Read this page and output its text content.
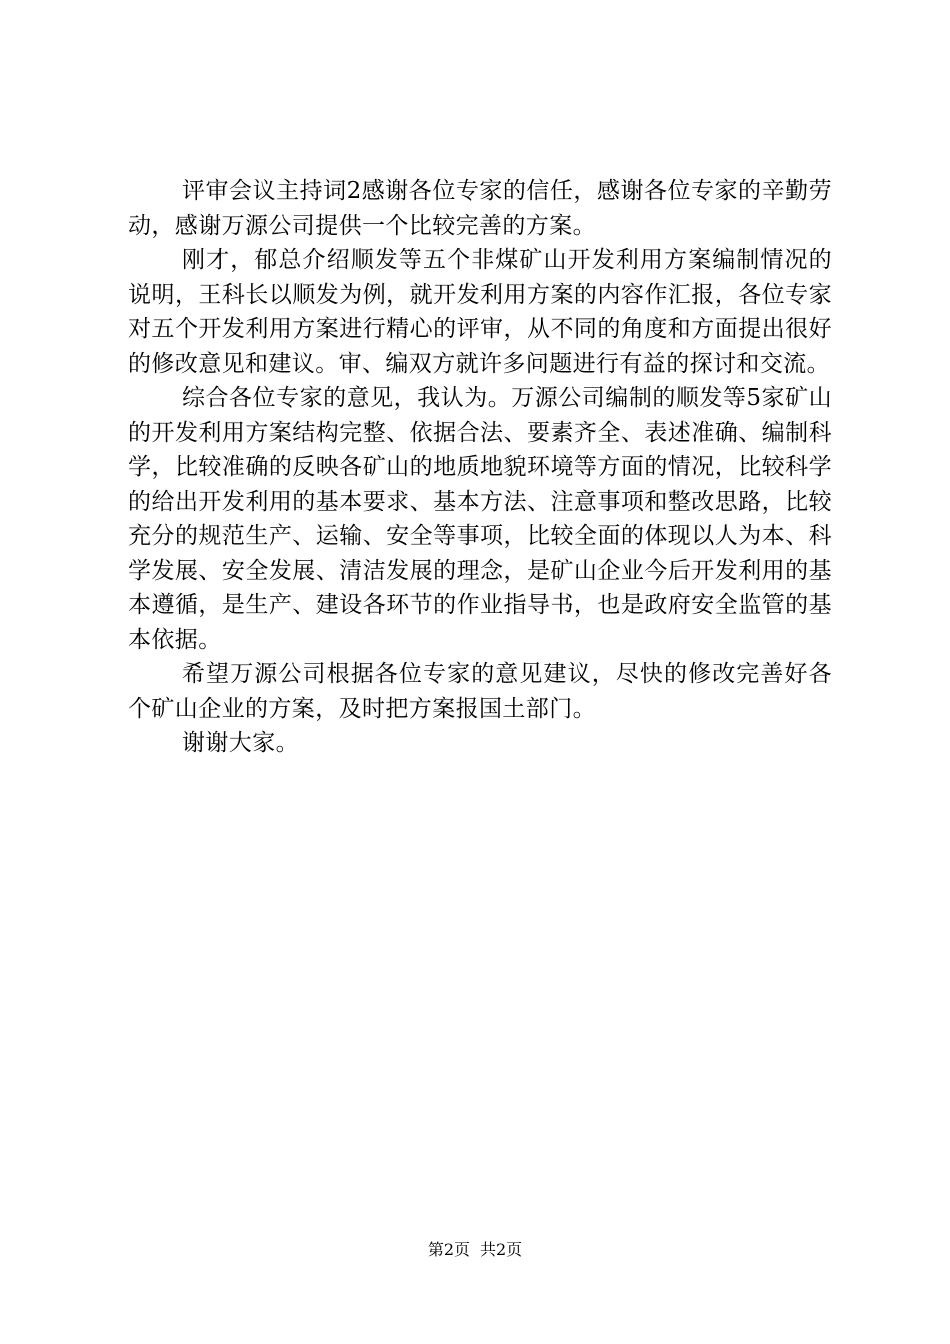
评审会议主持词2感谢各位专家的信任，感谢各位专家的辛勤劳动，感谢万源公司提供一个比较完善的方案。

刚才，郁总介绍顺发等五个非煤矿山开发利用方案编制情况的说明，王科长以顺发为例，就开发利用方案的内容作汇报，各位专家对五个开发利用方案进行精心的评审，从不同的角度和方面提出很好的修改意见和建议。审、编双方就许多问题进行有益的探讨和交流。

综合各位专家的意见，我认为。万源公司编制的顺发等5家矿山的开发利用方案结构完整、依据合法、要素齐全、表述准确、编制科学，比较准确的反映各矿山的地质地貌环境等方面的情况，比较科学的给出开发利用的基本要求、基本方法、注意事项和整改思路，比较充分的规范生产、运输、安全等事项，比较全面的体现以人为本、科学发展、安全发展、清洁发展的理念，是矿山企业今后开发利用的基本遵循，是生产、建设各环节的作业指导书，也是政府安全监管的基本依据。

希望万源公司根据各位专家的意见建议，尽快的修改完善好各个矿山企业的方案，及时把方案报国土部门。

谢谢大家。

第2页 共2页
